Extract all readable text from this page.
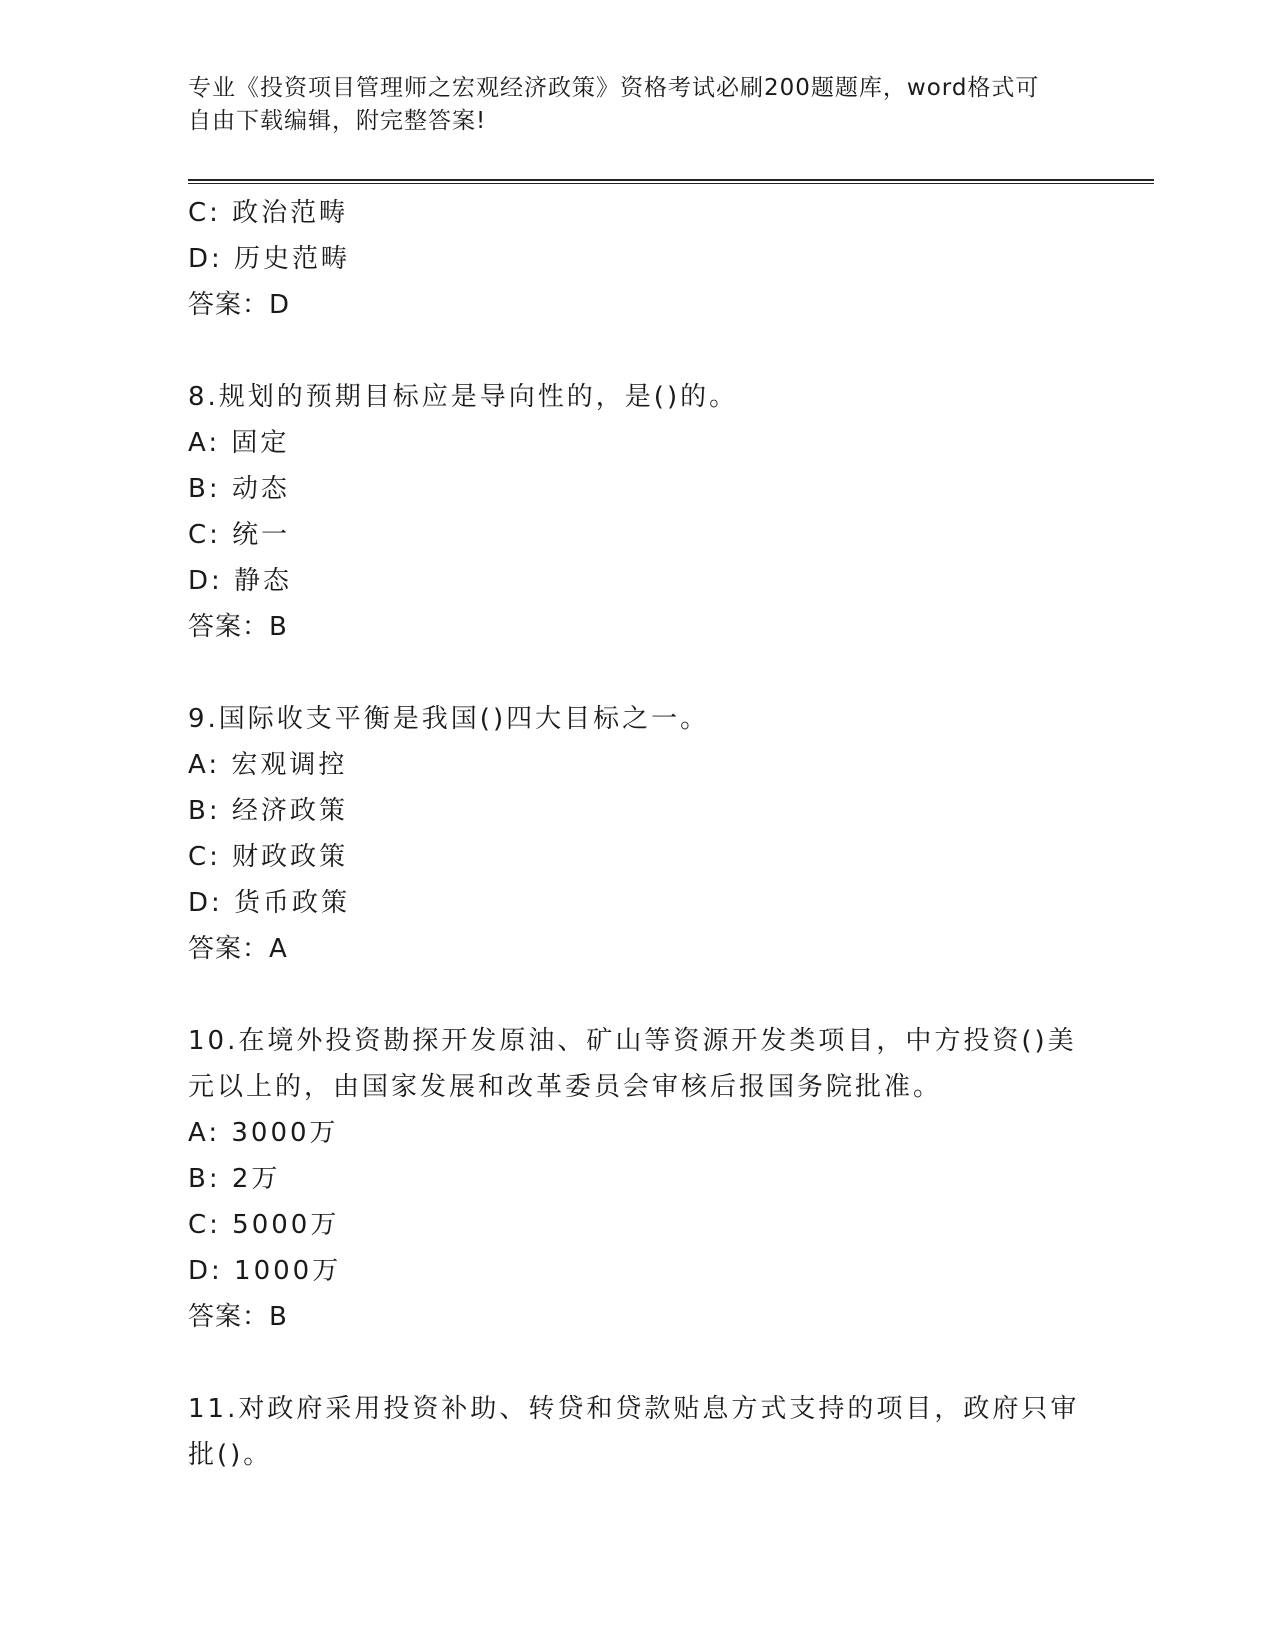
专业《投资项目管理师之宏观经济政策》资格考试必刷200题题库，word格式可
自由下载编辑，附完整答案!
C: 政治范畴
D: 历史范畴
答案：D
8.规划的预期目标应是导向性的，是()的。
A: 固定
B: 动态
C: 统一
D: 静态
答案：B
9.国际收支平衡是我国()四大目标之一。
A: 宏观调控
B: 经济政策
C: 财政政策
D: 货币政策
答案：A
10.在境外投资勘探开发原油、矿山等资源开发类项目，中方投资()美
元以上的，由国家发展和改革委员会审核后报国务院批准。
A: 3000万
B: 2万
C: 5000万
D: 1000万
答案：B
11.对政府采用投资补助、转贷和贷款贴息方式支持的项目，政府只审
批()。
